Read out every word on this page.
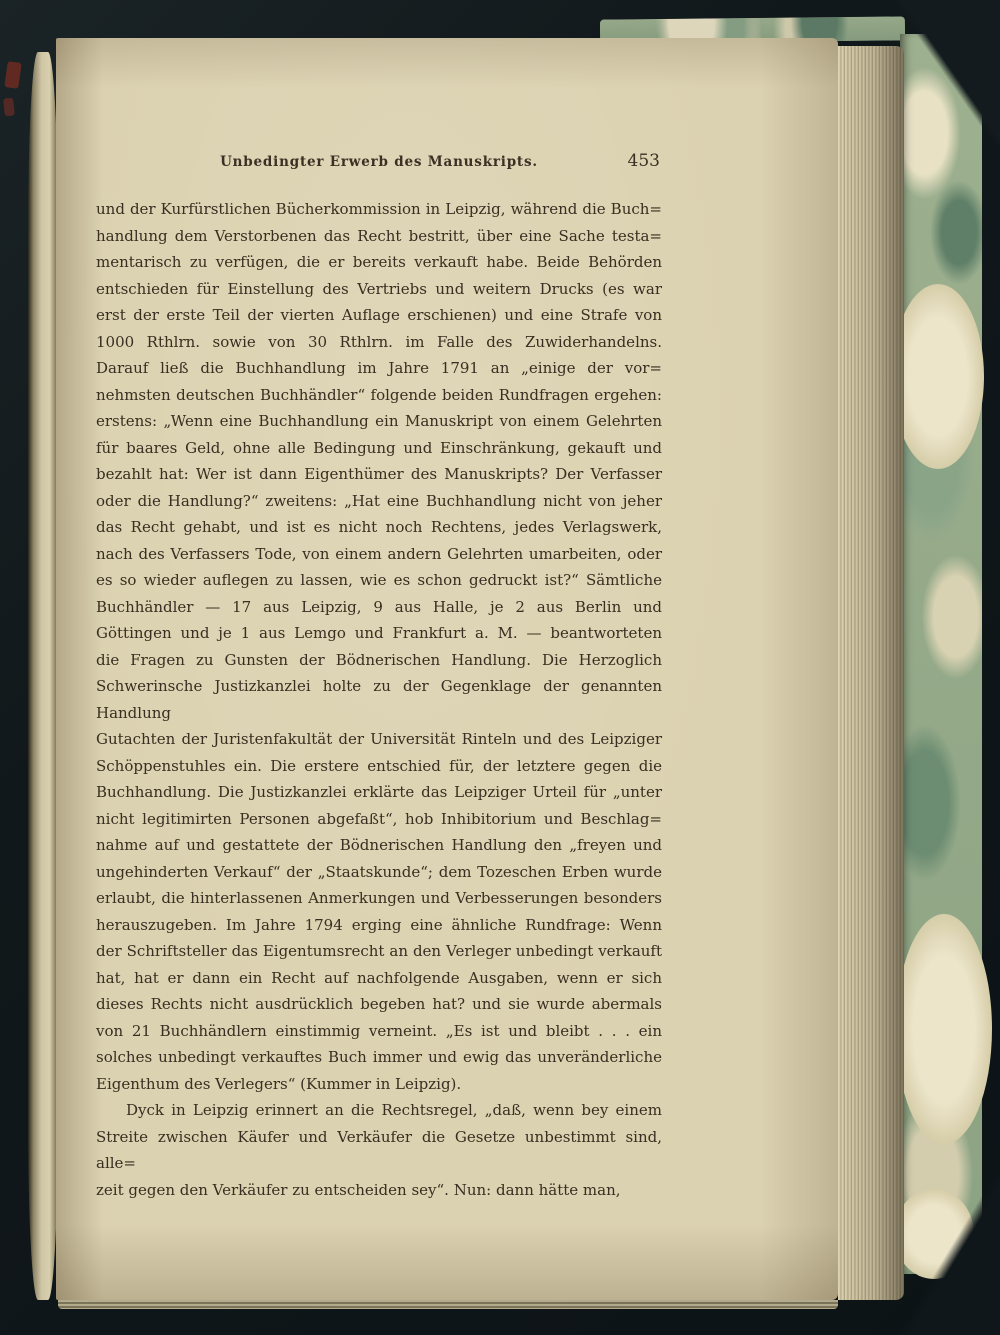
Unbedingter Erwerb des Manuskripts.	453
und der Kurfürstlichen Bücherkommission in Leipzig, während die Buch=
handlung dem Verstorbenen das Recht bestritt, über eine Sache testa=
mentarisch zu verfügen, die er bereits verkauft habe. Beide Behörden
entschieden für Einstellung des Vertriebs und weitern Drucks (es war
erst der erste Teil der vierten Auflage erschienen) und eine Strafe von
1000 Rthlrn. sowie von 30 Rthlrn. im Falle des Zuwiderhandelns.
Darauf ließ die Buchhandlung im Jahre 1791 an „einige der vor=
nehmsten deutschen Buchhändler“ folgende beiden Rundfragen ergehen:
erstens: „Wenn eine Buchhandlung ein Manuskript von einem Gelehrten
für baares Geld, ohne alle Bedingung und Einschränkung, gekauft und
bezahlt hat: Wer ist dann Eigenthümer des Manuskripts? Der Verfasser
oder die Handlung?“ zweitens: „Hat eine Buchhandlung nicht von jeher
das Recht gehabt, und ist es nicht noch Rechtens, jedes Verlagswerk,
nach des Verfassers Tode, von einem andern Gelehrten umarbeiten, oder
es so wieder auflegen zu lassen, wie es schon gedruckt ist?“ Sämtliche
Buchhändler — 17 aus Leipzig, 9 aus Halle, je 2 aus Berlin und
Göttingen und je 1 aus Lemgo und Frankfurt a. M. — beantworteten
die Fragen zu Gunsten der Bödnerischen Handlung. Die Herzoglich
Schwerinsche Justizkanzlei holte zu der Gegenklage der genannten Handlung
Gutachten der Juristenfakultät der Universität Rinteln und des Leipziger
Schöppenstuhles ein. Die erstere entschied für, der letztere gegen die
Buchhandlung. Die Justizkanzlei erklärte das Leipziger Urteil für „unter
nicht legitimirten Personen abgefaßt“, hob Inhibitorium und Beschlag=
nahme auf und gestattete der Bödnerischen Handlung den „freyen und
ungehinderten Verkauf“ der „Staatskunde“; dem Tozeschen Erben wurde
erlaubt, die hinterlassenen Anmerkungen und Verbesserungen besonders
herauszugeben. Im Jahre 1794 erging eine ähnliche Rundfrage: Wenn
der Schriftsteller das Eigentumsrecht an den Verleger unbedingt verkauft
hat, hat er dann ein Recht auf nachfolgende Ausgaben, wenn er sich
dieses Rechts nicht ausdrücklich begeben hat? und sie wurde abermals
von 21 Buchhändlern einstimmig verneint. „Es ist und bleibt . . . ein
solches unbedingt verkauftes Buch immer und ewig das unveränderliche
Eigenthum des Verlegers“ (Kummer in Leipzig).
Dyck in Leipzig erinnert an die Rechtsregel, „daß, wenn bey einem
Streite zwischen Käufer und Verkäufer die Gesetze unbestimmt sind, alle=
zeit gegen den Verkäufer zu entscheiden sey“. Nun: dann hätte man,
